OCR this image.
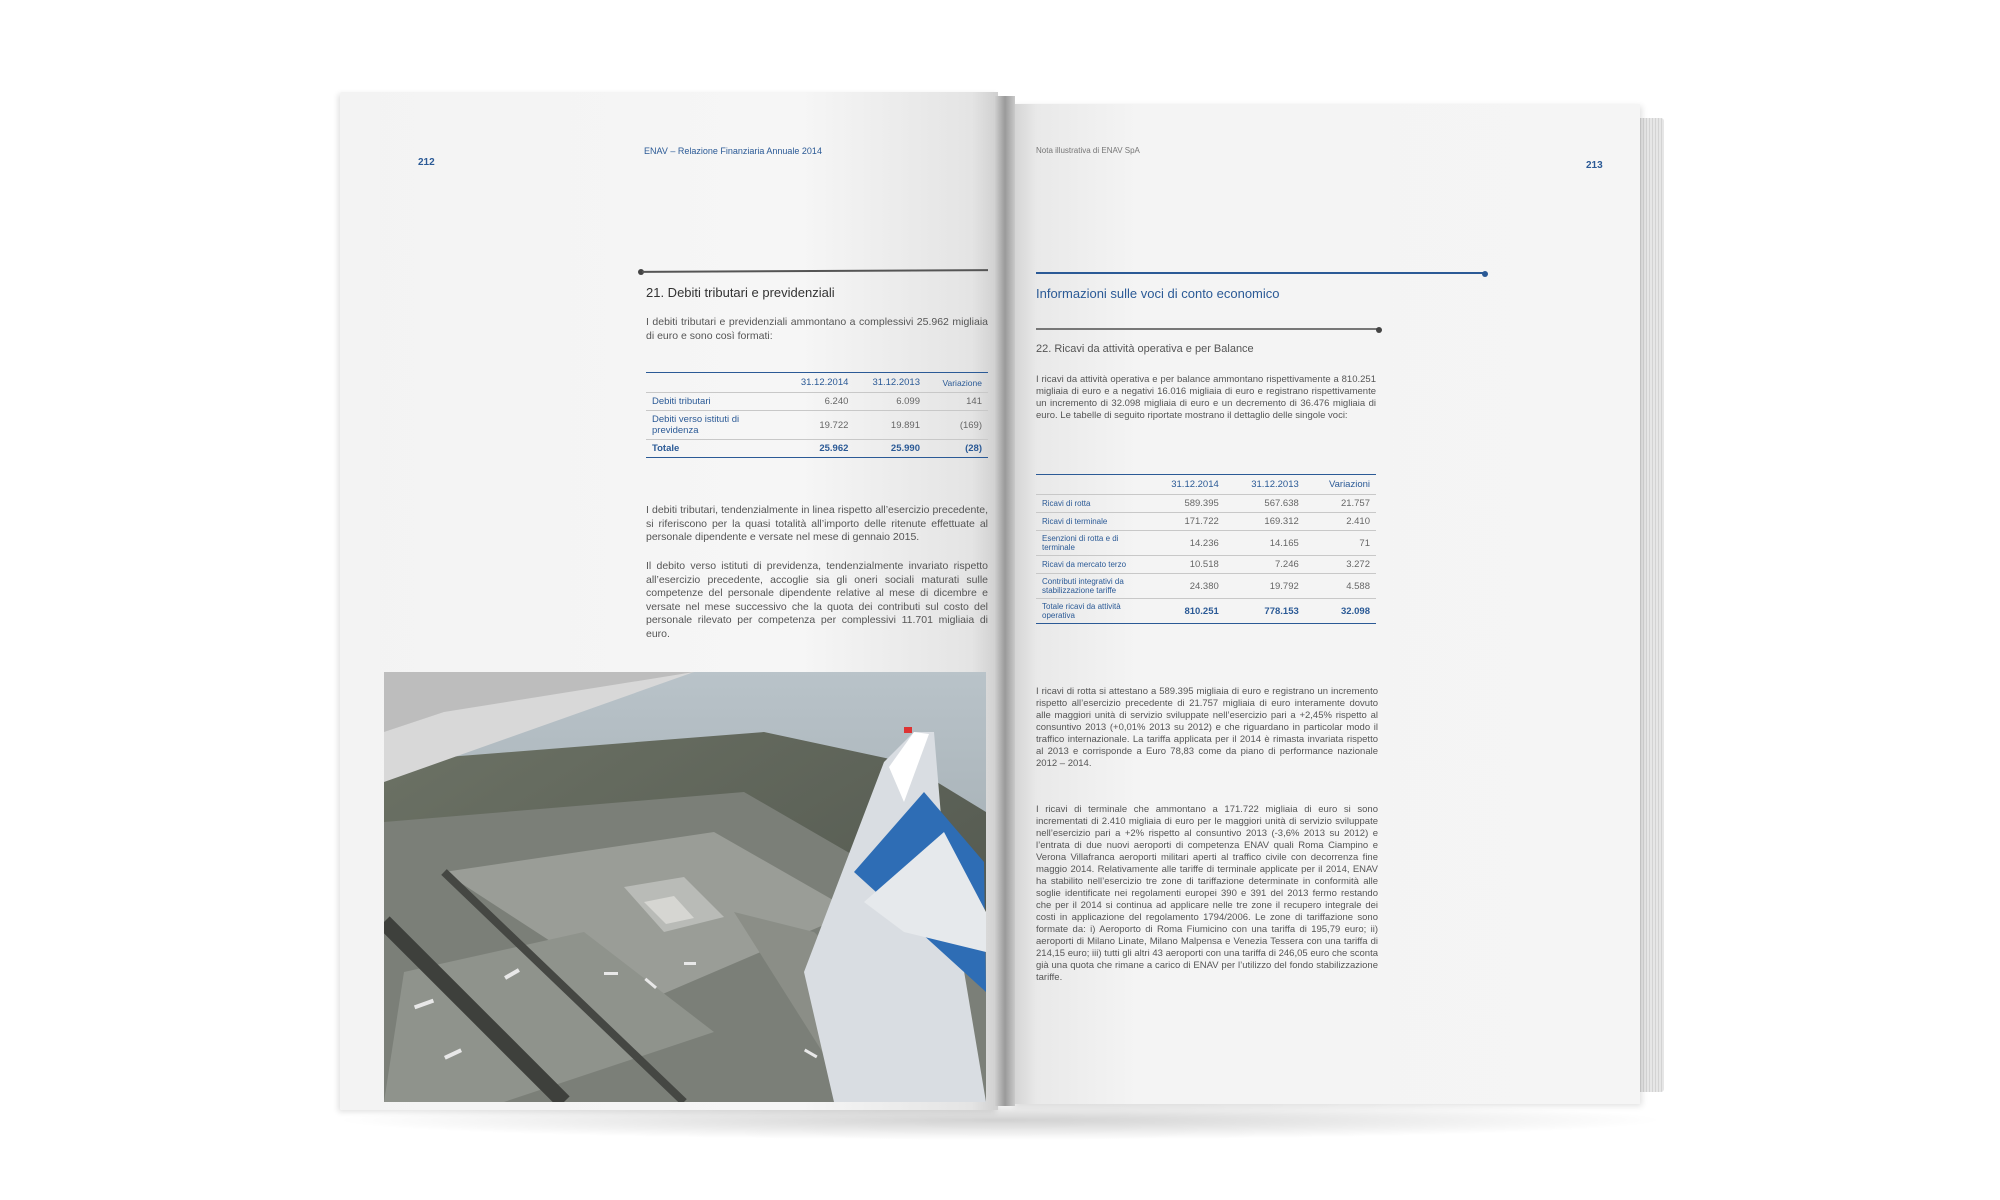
212
ENAV – Relazione Finanziaria Annuale 2014
21. Debiti tributari e previdenziali
I debiti tributari e previdenziali ammontano a complessivi 25.962 migliaia di euro e sono così formati:
	31.12.2014	31.12.2013	Variazione
Debiti tributari	6.240	6.099	141
Debiti verso istituti di previdenza	19.722	19.891	(169)
Totale	25.962	25.990	(28)
I debiti tributari, tendenzialmente in linea rispetto all’esercizio precedente, si riferiscono per la quasi totalità all’importo delle ritenute effettuate al personale dipendente e versate nel mese di gennaio 2015.
Il debito verso istituti di previdenza, tendenzialmente invariato rispetto all’esercizio precedente, accoglie sia gli oneri sociali maturati sulle competenze del personale dipendente relative al mese di dicembre e versate nel mese successivo che la quota dei contributi sul costo del personale rilevato per competenza per complessivi 11.701 migliaia di euro.
Nota illustrativa di ENAV SpA
213
Informazioni sulle voci di conto economico
22. Ricavi da attività operativa e per Balance
I ricavi da attività operativa e per balance ammontano rispettivamente a 810.251 migliaia di euro e a negativi 16.016 migliaia di euro e registrano rispettivamente un incremento di 32.098 migliaia di euro e un decremento di 36.476 migliaia di euro. Le tabelle di seguito riportate mostrano il dettaglio delle singole voci:
	31.12.2014	31.12.2013	Variazioni
Ricavi di rotta	589.395	567.638	21.757
Ricavi di terminale	171.722	169.312	2.410
Esenzioni di rotta e di terminale	14.236	14.165	71
Ricavi da mercato terzo	10.518	7.246	3.272
Contributi integrativi da stabilizzazione tariffe	24.380	19.792	4.588
Totale ricavi da attività operativa	810.251	778.153	32.098
I ricavi di rotta si attestano a 589.395 migliaia di euro e registrano un incremento rispetto all’esercizio precedente di 21.757 migliaia di euro interamente dovuto alle maggiori unità di servizio sviluppate nell’esercizio pari a +2,45% rispetto al consuntivo 2013 (+0,01% 2013 su 2012) e che riguardano in particolar modo il traffico internazionale. La tariffa applicata per il 2014 è rimasta invariata rispetto al 2013 e corrisponde a Euro 78,83 come da piano di performance nazionale 2012 – 2014.
I ricavi di terminale che ammontano a 171.722 migliaia di euro si sono incrementati di 2.410 migliaia di euro per le maggiori unità di servizio sviluppate nell’esercizio pari a +2% rispetto al consuntivo 2013 (-3,6% 2013 su 2012) e l’entrata di due nuovi aeroporti di competenza ENAV quali Roma Ciampino e Verona Villafranca aeroporti militari aperti al traffico civile con decorrenza fine maggio 2014. Relativamente alle tariffe di terminale applicate per il 2014, ENAV ha stabilito nell’esercizio tre zone di tariffazione determinate in conformità alle soglie identificate nei regolamenti europei 390 e 391 del 2013 fermo restando che per il 2014 si continua ad applicare nelle tre zone il recupero integrale dei costi in applicazione del regolamento 1794/2006. Le zone di tariffazione sono formate da: i) Aeroporto di Roma Fiumicino con una tariffa di 195,79 euro; ii) aeroporti di Milano Linate, Milano Malpensa e Venezia Tessera con una tariffa di 214,15 euro; iii) tutti gli altri 43 aeroporti con una tariffa di 246,05 euro che sconta già una quota che rimane a carico di ENAV per l’utilizzo del fondo stabilizzazione tariffe.
